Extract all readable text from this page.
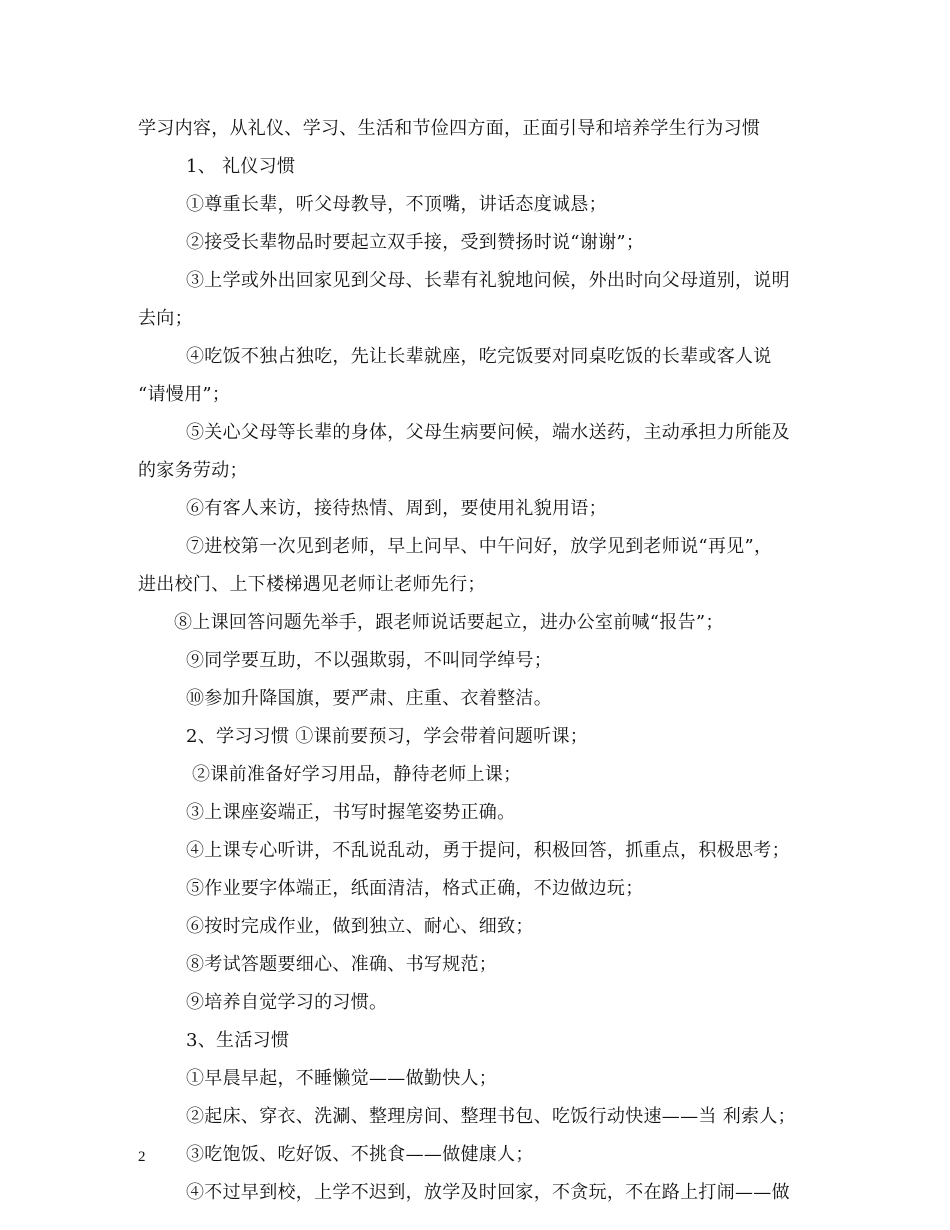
学习内容，从礼仪、学习、生活和节俭四方面，正面引导和培养学生行为习惯
1、 礼仪习惯
①尊重长辈，听父母教导，不顶嘴，讲话态度诚恳；
②接受长辈物品时要起立双手接，受到赞扬时说“谢谢”；
③上学或外出回家见到父母、长辈有礼貌地问候，外出时向父母道别，说明
去向；
④吃饭不独占独吃，先让长辈就座，吃完饭要对同桌吃饭的长辈或客人说
“请慢用”；
⑤关心父母等长辈的身体，父母生病要问候，端水送药，主动承担力所能及
的家务劳动；
⑥有客人来访，接待热情、周到，要使用礼貌用语；
⑦进校第一次见到老师，早上问早、中午问好，放学见到老师说“再见”，
进出校门、上下楼梯遇见老师让老师先行；
⑧上课回答问题先举手，跟老师说话要起立，进办公室前喊“报告”；
⑨同学要互助，不以强欺弱，不叫同学绰号；
⑩参加升降国旗，要严肃、庄重、衣着整洁。
2、学习习惯 ①课前要预习，学会带着问题听课；
②课前准备好学习用品，静待老师上课；
③上课座姿端正，书写时握笔姿势正确。
④上课专心听讲，不乱说乱动，勇于提问，积极回答，抓重点，积极思考；
⑤作业要字体端正，纸面清洁，格式正确，不边做边玩；
⑥按时完成作业，做到独立、耐心、细致；
⑧考试答题要细心、准确、书写规范；
⑨培养自觉学习的习惯。
3、生活习惯
①早晨早起，不睡懒觉——做勤快人；
②起床、穿衣、洗涮、整理房间、整理书包、吃饭行动快速——当 利索人；
③吃饱饭、吃好饭、不挑食——做健康人；
④不过早到校，上学不迟到，放学及时回家，不贪玩，不在路上打闹——做
2
